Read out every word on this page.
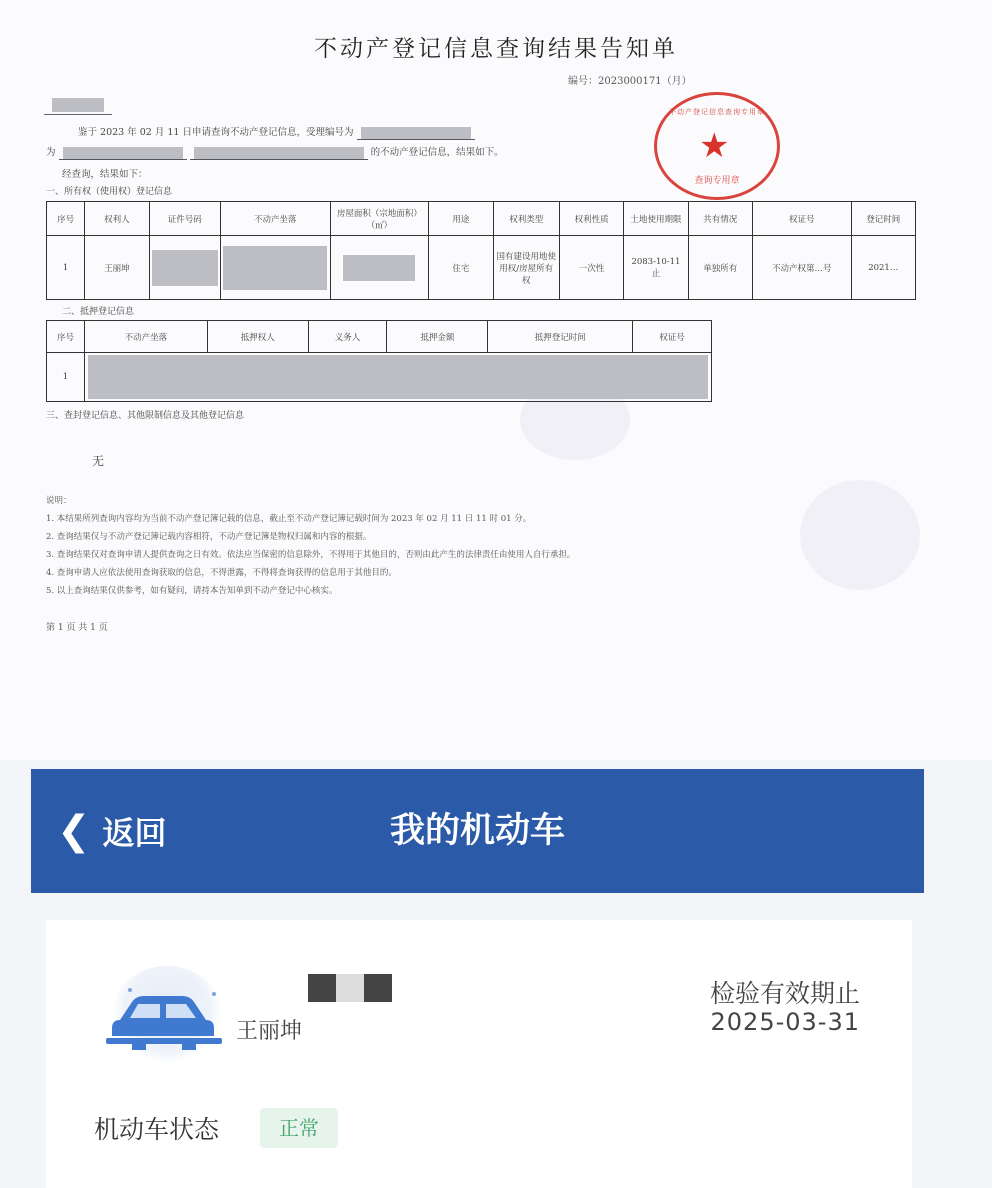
不动产登记信息查询结果告知单
编号：2023000171（月）
鉴于 2023 年 02 月 11 日申请查询不动产登记信息，受理编号为
为	的不动产登记信息，结果如下。
经查询，结果如下：
一、所有权（使用权）登记信息
序号	权利人	证件号码	不动产坐落	房屋面积（宗地面积）（㎡）	用途	权利类型	权利性质	土地使用期限	共有情况	权证号	登记时间
1	王丽坤				住宅	国有建设用地使用权/房屋所有权	一次性	2083-10-11 止	单独所有	不动产权第…号	2021…
二、抵押登记信息
序号	不动产坐落	抵押权人	义务人	抵押金额	抵押登记时间	权证号
1						
三、查封登记信息、其他限制信息及其他登记信息
无
说明：
1. 本结果所列查询内容均为当前不动产登记簿记载的信息，截止至不动产登记簿记载时间为 2023 年 02 月 11 日 11 时 01 分。
2. 查询结果仅与不动产登记簿记载内容相符，不动产登记簿是物权归属和内容的根据。
3. 查询结果仅对查询申请人提供查询之日有效。依法应当保密的信息除外，不得用于其他目的，否则由此产生的法律责任由使用人自行承担。
4. 查询申请人应依法使用查询获取的信息，不得泄露，不得将查询获得的信息用于其他目的。
5. 以上查询结果仅供参考，如有疑问，请持本告知单到不动产登记中心核实。
第 1 页 共 1 页
不动产登记信息查询专用章
★
查询专用章
❮ 返回	我的机动车
王丽坤
检验有效期止
2025-03-31
机动车状态	正常
